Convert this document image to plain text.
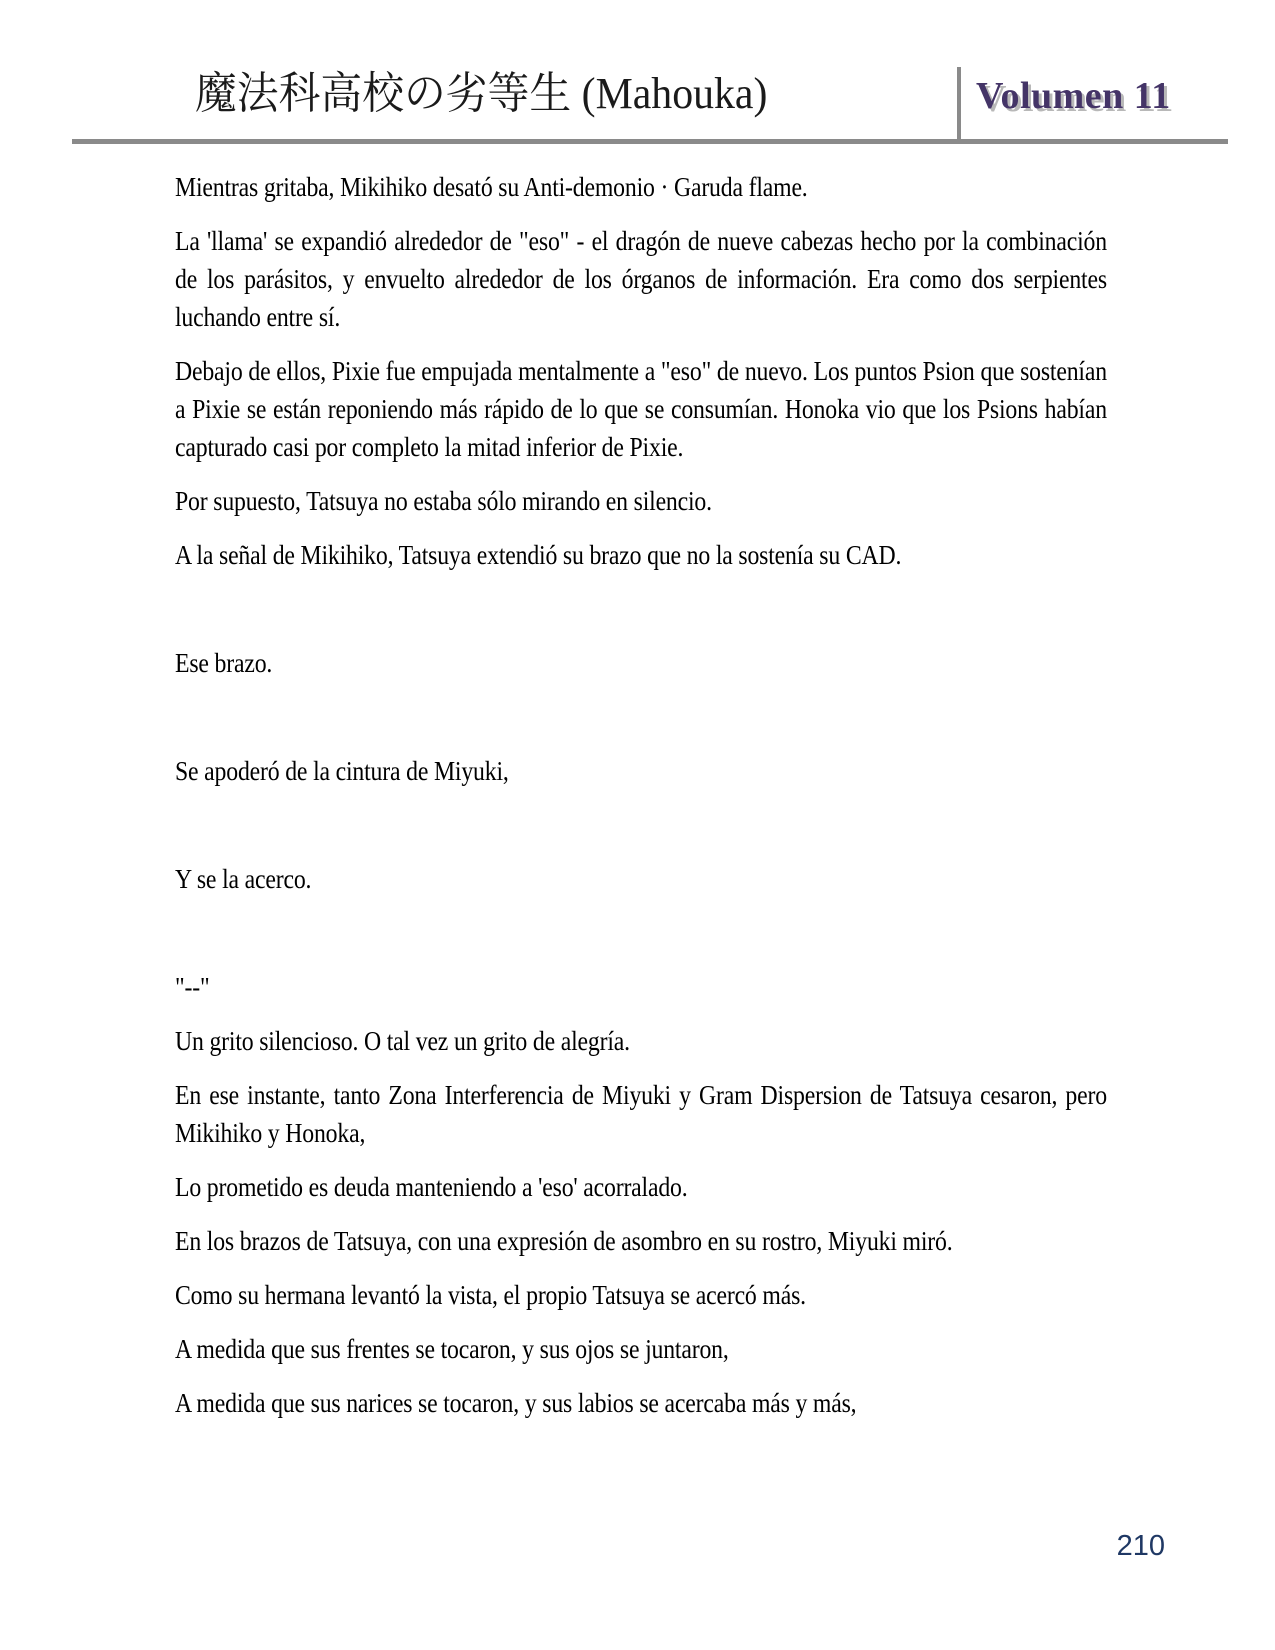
魔法科高校の劣等生 (Mahouka)	Volumen 11

Mientras gritaba, Mikihiko desató su Anti-demonio · Garuda flame.

La 'llama' se expandió alrededor de "eso" - el dragón de nueve cabezas hecho por la combinación de los parásitos, y envuelto alrededor de los órganos de información. Era como dos serpientes luchando entre sí.

Debajo de ellos, Pixie fue empujada mentalmente a "eso" de nuevo. Los puntos Psion que sostenían a Pixie se están reponiendo más rápido de lo que se consumían. Honoka vio que los Psions habían capturado casi por completo la mitad inferior de Pixie.

Por supuesto, Tatsuya no estaba sólo mirando en silencio.

A la señal de Mikihiko, Tatsuya extendió su brazo que no la sostenía su CAD.

Ese brazo.

Se apoderó de la cintura de Miyuki,

Y se la acerco.

"--"

Un grito silencioso. O tal vez un grito de alegría.

En ese instante, tanto Zona Interferencia de Miyuki y Gram Dispersion de Tatsuya cesaron, pero Mikihiko y Honoka,

Lo prometido es deuda manteniendo a 'eso' acorralado.

En los brazos de Tatsuya, con una expresión de asombro en su rostro, Miyuki miró.

Como su hermana levantó la vista, el propio Tatsuya se acercó más.

A medida que sus frentes se tocaron, y sus ojos se juntaron,

A medida que sus narices se tocaron, y sus labios se acercaba más y más,

210
